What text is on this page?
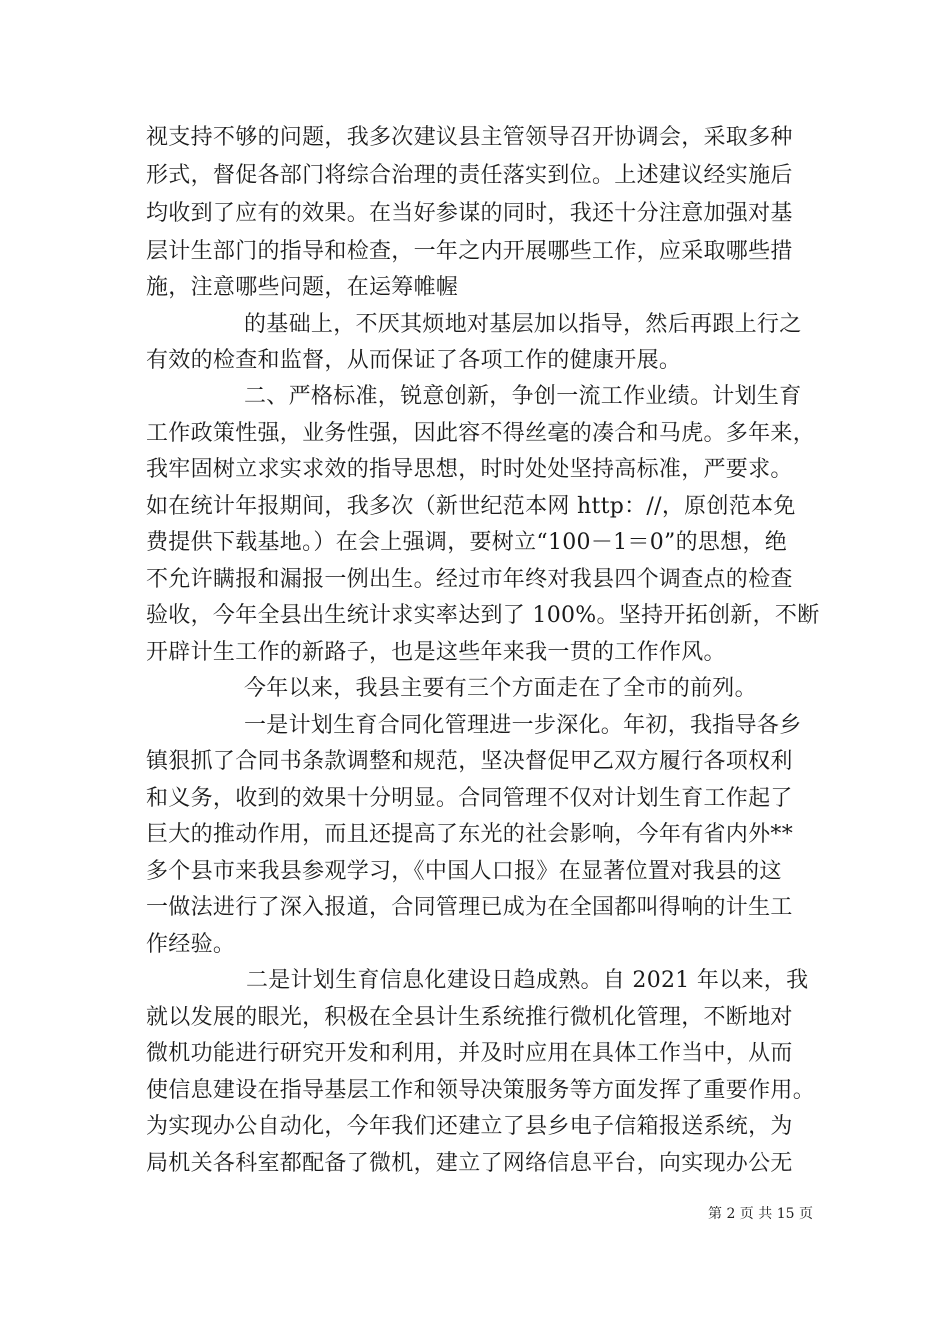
视支持不够的问题，我多次建议县主管领导召开协调会，采取多种
形式，督促各部门将综合治理的责任落实到位。上述建议经实施后
均收到了应有的效果。在当好参谋的同时，我还十分注意加强对基
层计生部门的指导和检查，一年之内开展哪些工作，应采取哪些措
施，注意哪些问题，在运筹帷幄
的基础上，不厌其烦地对基层加以指导，然后再跟上行之
有效的检查和监督，从而保证了各项工作的健康开展。
二、严格标准，锐意创新，争创一流工作业绩。计划生育
工作政策性强，业务性强，因此容不得丝毫的凑合和马虎。多年来，
我牢固树立求实求效的指导思想，时时处处坚持高标准，严要求。
如在统计年报期间，我多次（新世纪范本网 http：//，原创范本免
费提供下载基地。）在会上强调，要树立“100－1＝0”的思想，绝
不允许瞒报和漏报一例出生。经过市年终对我县四个调查点的检查
验收，今年全县出生统计求实率达到了 100%。坚持开拓创新，不断
开辟计生工作的新路子，也是这些年来我一贯的工作作风。
今年以来，我县主要有三个方面走在了全市的前列。
一是计划生育合同化管理进一步深化。年初，我指导各乡
镇狠抓了合同书条款调整和规范，坚决督促甲乙双方履行各项权利
和义务，收到的效果十分明显。合同管理不仅对计划生育工作起了
巨大的推动作用，而且还提高了东光的社会影响，今年有省内外**
多个县市来我县参观学习，《中国人口报》在显著位置对我县的这
一做法进行了深入报道，合同管理已成为在全国都叫得响的计生工
作经验。
二是计划生育信息化建设日趋成熟。自 2021 年以来，我
就以发展的眼光，积极在全县计生系统推行微机化管理，不断地对
微机功能进行研究开发和利用，并及时应用在具体工作当中，从而
使信息建设在指导基层工作和领导决策服务等方面发挥了重要作用。
为实现办公自动化，今年我们还建立了县乡电子信箱报送系统，为
局机关各科室都配备了微机，建立了网络信息平台，向实现办公无
第 2 页 共 15 页
